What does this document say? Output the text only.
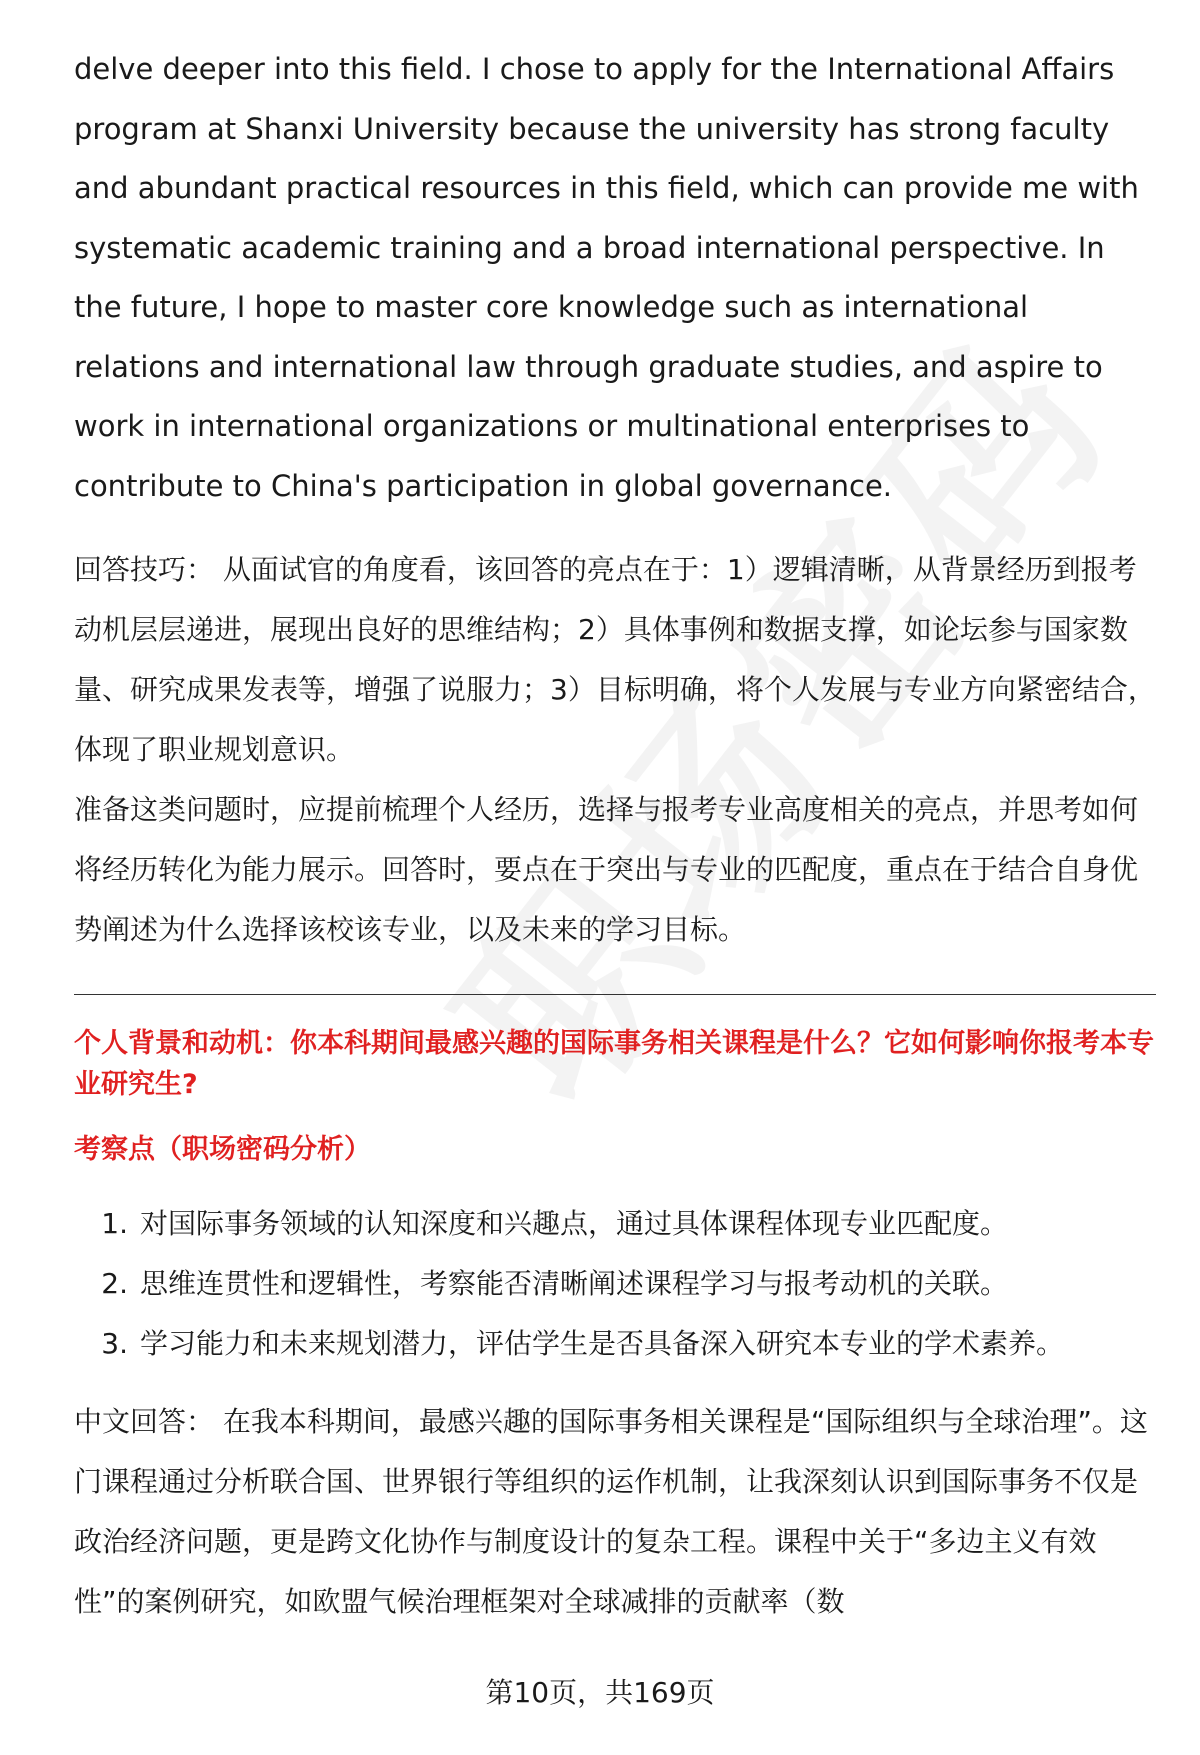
delve deeper into this field. I chose to apply for the International Affairs program at Shanxi University because the university has strong faculty and abundant practical resources in this field, which can provide me with systematic academic training and a broad international perspective. In the future, I hope to master core knowledge such as international relations and international law through graduate studies, and aspire to work in international organizations or multinational enterprises to contribute to China's participation in global governance.

回答技巧： 从面试官的角度看，该回答的亮点在于：1）逻辑清晰，从背景经历到报考动机层层递进，展现出良好的思维结构；2）具体事例和数据支撑，如论坛参与国家数量、研究成果发表等，增强了说服力；3）目标明确，将个人发展与专业方向紧密结合，体现了职业规划意识。

准备这类问题时，应提前梳理个人经历，选择与报考专业高度相关的亮点，并思考如何将经历转化为能力展示。回答时，要点在于突出与专业的匹配度，重点在于结合自身优势阐述为什么选择该校该专业，以及未来的学习目标。

个人背景和动机：你本科期间最感兴趣的国际事务相关课程是什么？它如何影响你报考本专业研究生?

考察点（职场密码分析）

1. 对国际事务领域的认知深度和兴趣点，通过具体课程体现专业匹配度。
2. 思维连贯性和逻辑性，考察能否清晰阐述课程学习与报考动机的关联。
3. 学习能力和未来规划潜力，评估学生是否具备深入研究本专业的学术素养。

中文回答： 在我本科期间，最感兴趣的国际事务相关课程是“国际组织与全球治理”。这门课程通过分析联合国、世界银行等组织的运作机制，让我深刻认识到国际事务不仅是政治经济问题，更是跨文化协作与制度设计的复杂工程。课程中关于“多边主义有效性”的案例研究，如欧盟气候治理框架对全球减排的贡献率（数

第10页，共169页
